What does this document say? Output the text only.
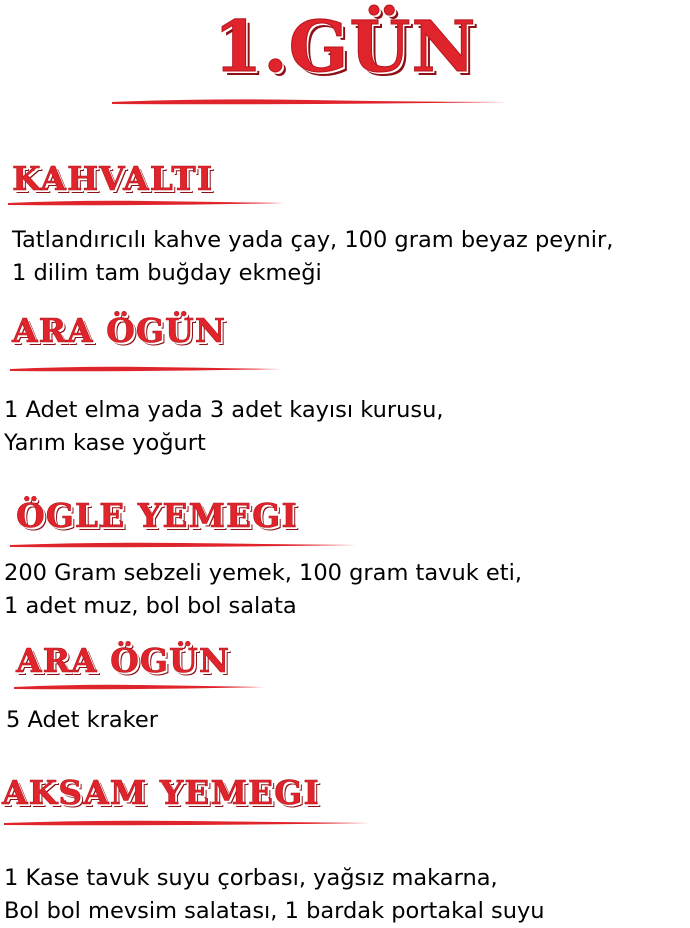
1.GÜN
KAHVALTI
Tatlandırıcılı kahve yada çay, 100 gram beyaz peynir,
1 dilim tam buğday ekmeği
ARA ÖGÜN
1 Adet elma yada 3 adet kayısı kurusu,
Yarım kase yoğurt
ÖGLE YEMEGI
200 Gram sebzeli yemek, 100 gram tavuk eti,
1 adet muz, bol bol salata
ARA ÖGÜN
5 Adet kraker
AKSAM YEMEGI
1 Kase tavuk suyu çorbası, yağsız makarna,
Bol bol mevsim salatası, 1 bardak portakal suyu
